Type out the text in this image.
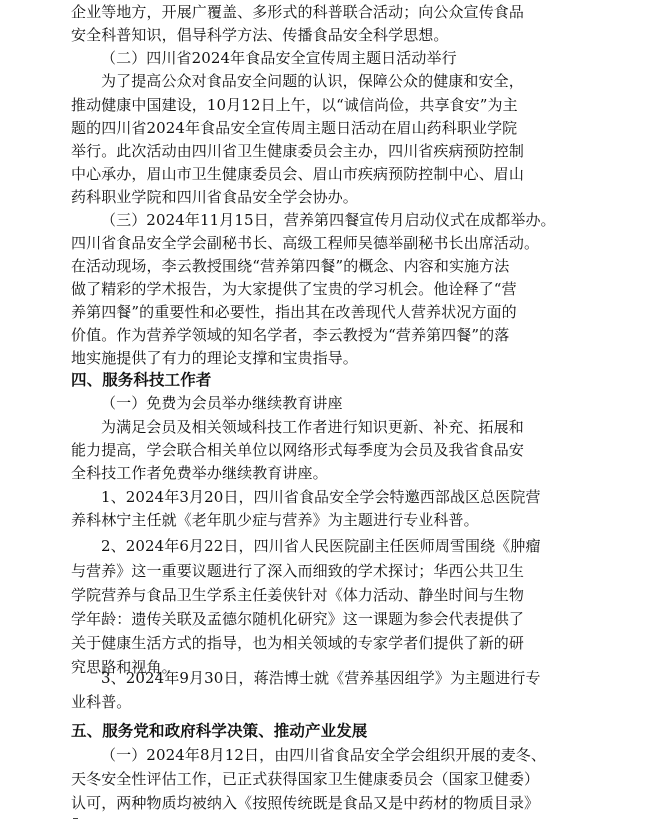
企业等地方，开展广覆盖、多形式的科普联合活动；向公众宣传食品
安全科普知识，倡导科学方法、传播食品安全科学思想。
（二）四川省2024年食品安全宣传周主题日活动举行
为了提高公众对食品安全问题的认识，保障公众的健康和安全，
推动健康中国建设，10月12日上午，以“诚信尚俭，共享食安”为主
题的四川省2024年食品安全宣传周主题日活动在眉山药科职业学院
举行。此次活动由四川省卫生健康委员会主办，四川省疾病预防控制
中心承办，眉山市卫生健康委员会、眉山市疾病预防控制中心、眉山
药科职业学院和四川省食品安全学会协办。
（三）2024年11月15日，营养第四餐宣传月启动仪式在成都举办。
四川省食品安全学会副秘书长、高级工程师吴德举副秘书长出席活动。
在活动现场，李云教授围绕“营养第四餐”的概念、内容和实施方法
做了精彩的学术报告，为大家提供了宝贵的学习机会。他诠释了“营
养第四餐”的重要性和必要性，指出其在改善现代人营养状况方面的
价值。作为营养学领域的知名学者，李云教授为“营养第四餐”的落
地实施提供了有力的理论支撑和宝贵指导。
四、服务科技工作者
（一）免费为会员举办继续教育讲座
为满足会员及相关领域科技工作者进行知识更新、补充、拓展和
能力提高，学会联合相关单位以网络形式每季度为会员及我省食品安
全科技工作者免费举办继续教育讲座。
1、2024年3月20日，四川省食品安全学会特邀西部战区总医院营
养科林宁主任就《老年肌少症与营养》为主题进行专业科普。
2、2024年6月22日，四川省人民医院副主任医师周雪围绕《肿瘤
与营养》这一重要议题进行了深入而细致的学术探讨；华西公共卫生
学院营养与食品卫生学系主任姜侠针对《体力活动、静坐时间与生物
学年龄：遗传关联及孟德尔随机化研究》这一课题为参会代表提供了
关于健康生活方式的指导，也为相关领域的专家学者们提供了新的研
究思路和视角。
3、2024年9月30日，蒋浩博士就《营养基因组学》为主题进行专
业科普。
五、服务党和政府科学决策、推动产业发展
（一）2024年8月12日，由四川省食品安全学会组织开展的麦冬、
天冬安全性评估工作，已正式获得国家卫生健康委员会（国家卫健委）
认可，两种物质均被纳入《按照传统既是食品又是中药材的物质目录》
